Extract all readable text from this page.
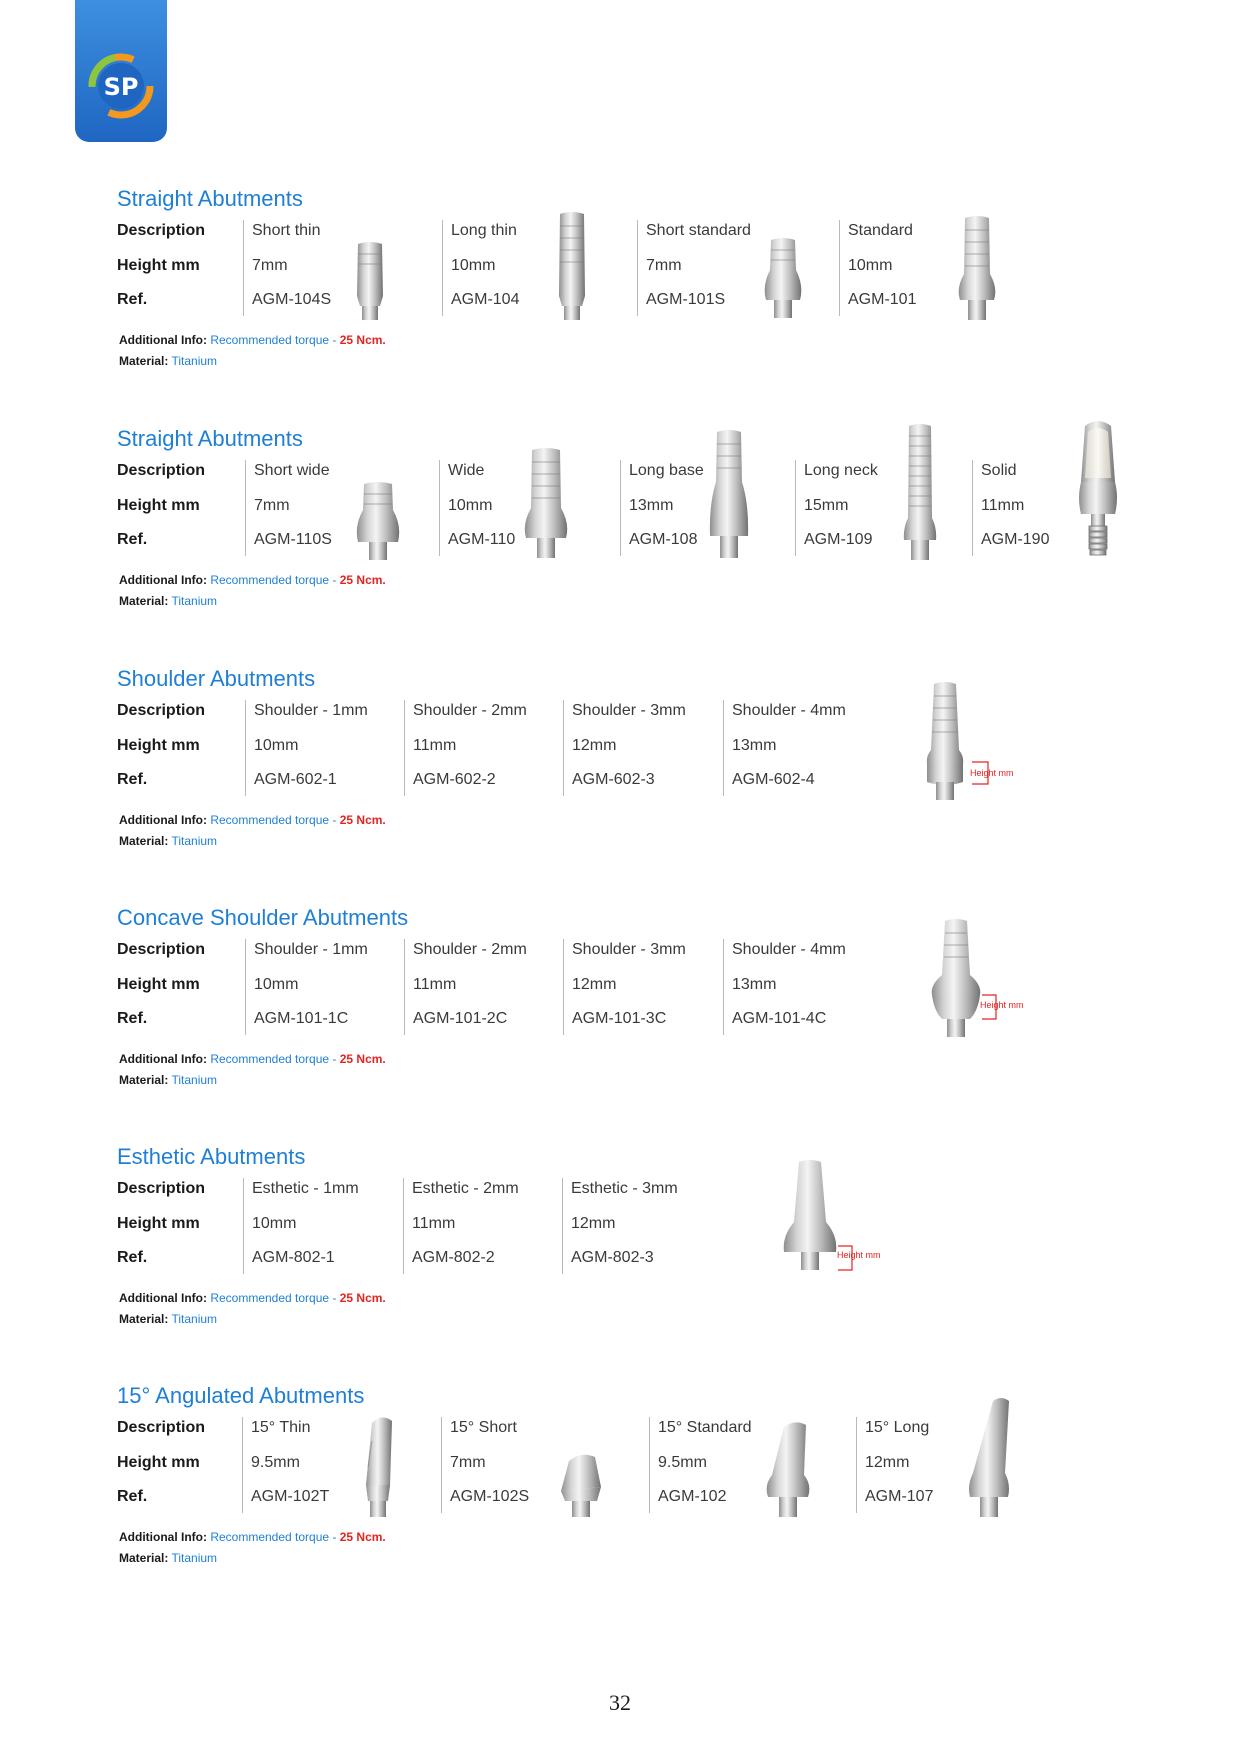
SP
Straight Abutments
Description
Height mm
Ref.
Short thin
7mm
AGM-104S
Long thin
10mm
AGM-104
Short standard
7mm
AGM-101S
Standard
10mm
AGM-101
Additional Info: Recommended torque - 25 Ncm.
Material: Titanium
Straight Abutments
Description
Height mm
Ref.
Short wide
7mm
AGM-110S
Wide
10mm
AGM-110
Long base
13mm
AGM-108
Long neck
15mm
AGM-109
Solid
11mm
AGM-190
Additional Info: Recommended torque - 25 Ncm.
Material: Titanium
Shoulder Abutments
Description
Height mm
Ref.
Shoulder - 1mm
10mm
AGM-602-1
Shoulder - 2mm
11mm
AGM-602-2
Shoulder - 3mm
12mm
AGM-602-3
Shoulder - 4mm
13mm
AGM-602-4
Additional Info: Recommended torque - 25 Ncm.
Material: Titanium
Height mm
Concave Shoulder Abutments
Description
Height mm
Ref.
Shoulder - 1mm
10mm
AGM-101-1C
Shoulder - 2mm
11mm
AGM-101-2C
Shoulder - 3mm
12mm
AGM-101-3C
Shoulder - 4mm
13mm
AGM-101-4C
Additional Info: Recommended torque - 25 Ncm.
Material: Titanium
Height mm
Esthetic Abutments
Description
Height mm
Ref.
Esthetic - 1mm
10mm
AGM-802-1
Esthetic - 2mm
11mm
AGM-802-2
Esthetic - 3mm
12mm
AGM-802-3
Additional Info: Recommended torque - 25 Ncm.
Material: Titanium
Height mm
15° Angulated Abutments
Description
Height mm
Ref.
15° Thin
9.5mm
AGM-102T
15° Short
7mm
AGM-102S
15° Standard
9.5mm
AGM-102
15° Long
12mm
AGM-107
Additional Info: Recommended torque - 25 Ncm.
Material: Titanium
32
